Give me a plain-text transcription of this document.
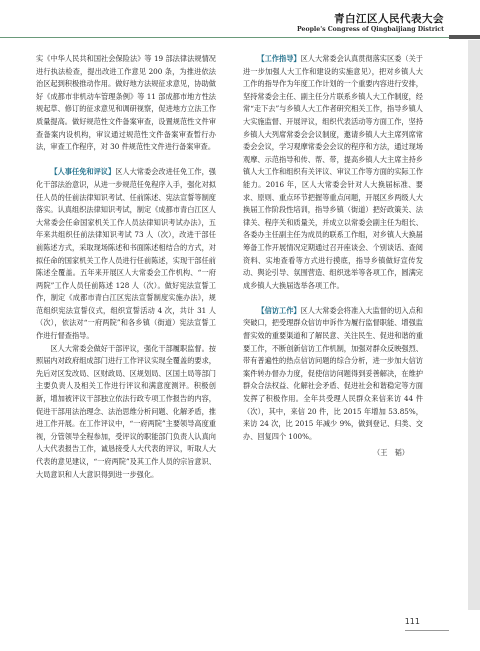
青白江区人民代表大会
People's Congress of Qingbaijiang District

实《中华人民共和国社会保险法》等 19 部法律法规情况进行执法检查，提出改进工作意见 200 条，为推进依法治区起到积极推动作用。做好地方法规征求意见，协助做好《成都市非机动车管理条例》等 11 部成都市地方性法规起草、修订的征求意见和调研视察，促进地方立法工作质量提高。做好规范性文件备案审查，设置规范性文件审查备案内设机构，审议通过规范性文件备案审查暂行办法，审查工作程序，对 30 件规范性文件进行备案审查。

【人事任免和评议】区人大常委会改进任免工作，强化干部法治意识，从进一步规范任免程序入手，强化对拟任人员的任前法律知识考试、任前陈述、宪法宣誓等制度落实。认真组织法律知识考试，制定《成都市青白江区人大常委会任命国家机关工作人员法律知识考试办法》，五年来共组织任前法律知识考试 73 人（次），改进干部任前陈述方式，采取现场陈述和书面陈述相结合的方式，对拟任命的国家机关工作人员进行任前陈述，实现干部任前陈述全覆盖。五年来开展区人大常委会工作机构、“一府两院”工作人员任前陈述 128 人（次）。做好宪法宣誓工作，制定《成都市青白江区宪法宣誓制度实施办法》，规范组织宪法宣誓仪式，组织宣誓活动 4 次，共计 31 人（次），依法对“一府两院”和各乡镇（街道）宪法宣誓工作进行督查指导。

区人大常委会做好干部评议，强化干部履职监督。按照届内对政府组成部门进行工作评议实现全覆盖的要求，先后对区发改局、区财政局、区规划局、区国土局等部门主要负责人及相关工作进行评议和满意度测评。积极创新，增加被评议干部独立依法行政专项工作报告的内容，促进干部用法治理念、法治思维分析问题、化解矛盾，推进工作开展。在工作评议中，“一府两院”主要领导高度重视，分管领导全程参加，受评议的职能部门负责人认真向人大代表报告工作，诚恳接受人大代表的评议，听取人大代表的意见建议，“一府两院”及其工作人员的宗旨意识、大局意识和人大意识得到进一步强化。

【工作指导】区人大常委会认真贯彻落实区委（关于进一步加强人大工作和建设的实施意见），把对乡镇人大工作的指导作为年度工作计划的一个重要内容进行安排，坚持常委会主任、副主任分片联系乡镇人大工作制度，经常“走下去”与乡镇人大工作者研究相关工作，指导乡镇人大实施监督、开展评议，组织代表活动等方面工作，坚持乡镇人大列席常委会会议制度，邀请乡镇人大主席列席常委会会议，学习观摩常委会会议的程序和方法，通过现场观摩、示范指导和传、帮、带，提高乡镇人大主席主持乡镇人大工作和组织有关评议、审议工作等方面的实际工作能力。2016 年，区人大常委会针对人大换届标准、要求、原则、重点环节把握等重点问题，开展区乡两级人大换届工作阶段性培训，指导乡镇（街道）把好政策关、法律关、程序关和质量关，并成立以常委会副主任为组长、各委办主任副主任为成员的联系工作组，对乡镇人大换届筹备工作开展情况定期通过召开座谈会、个别谈话、查阅资料、实地查看等方式进行摸底，指导乡镇做好宣传发动、舆论引导、氛围营造、组织选举等各项工作，圆满完成乡镇人大换届选举各项工作。

【信访工作】区人大常委会将准入大监督的切入点和突破口，把受理群众信访申诉作为履行监督职能、增强监督实效的重要渠道和了解民意、关注民生、促进和谐的重要工作，不断创新信访工作机制，加强对群众反映强烈、带有普遍性的热点信访问题的综合分析，进一步加大信访案件转办督办力度，促使信访问题得到妥善解决，在维护群众合法权益、化解社会矛盾、促进社会和谐稳定等方面发挥了积极作用。全年共受理人民群众来信来访 44 件（次），其中，来信 20 件，比 2015 年增加 53.85%，来访 24 次，比 2015 年减少 9%，做到登记、归类、交办、回复四个 100%。

（王　韬）

111
